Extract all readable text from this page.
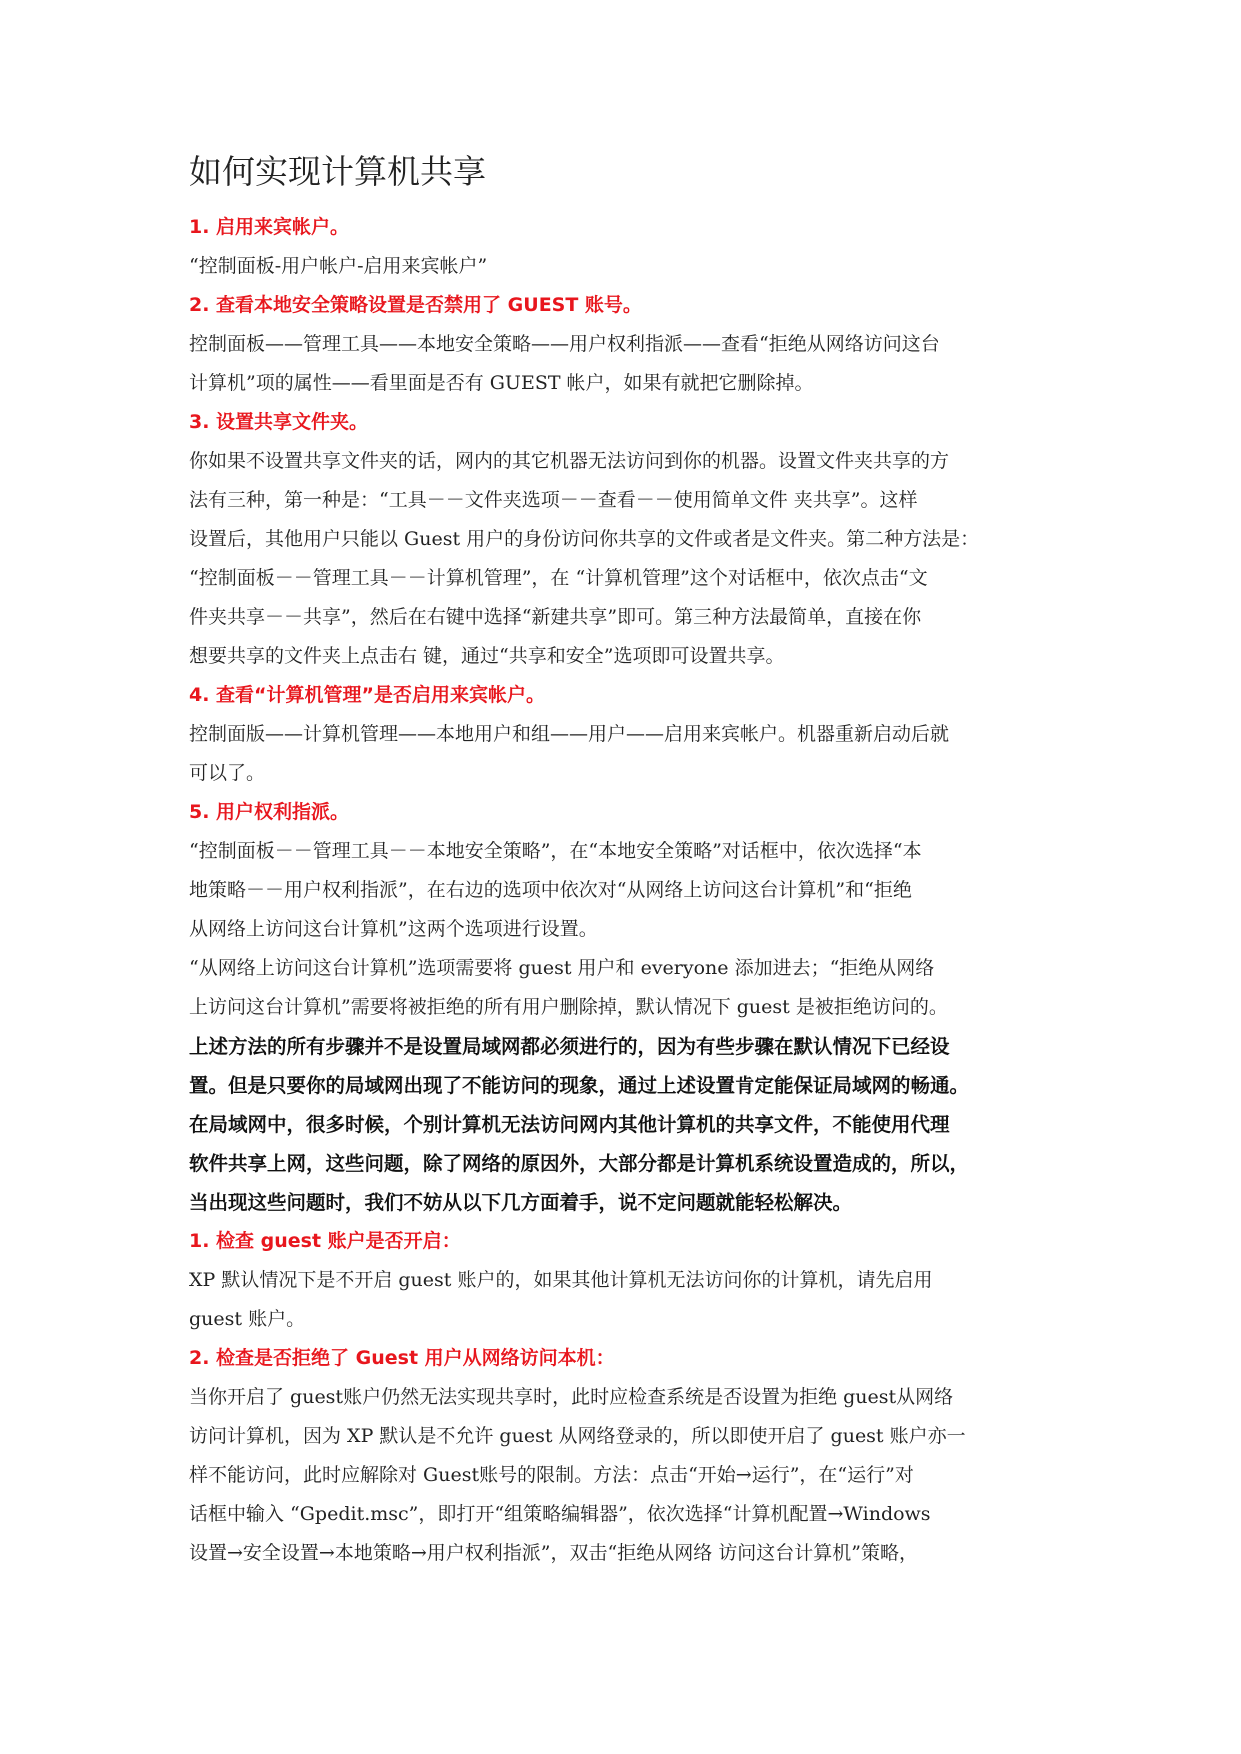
如何实现计算机共享

1. 启用来宾帐户。

“控制面板-用户帐户-启用来宾帐户”

2. 查看本地安全策略设置是否禁用了 GUEST 账号。

控制面板——管理工具——本地安全策略——用户权利指派——查看“拒绝从网络访问这台
计算机”项的属性——看里面是否有 GUEST 帐户，如果有就把它删除掉。

3. 设置共享文件夹。

你如果不设置共享文件夹的话，网内的其它机器无法访问到你的机器。设置文件夹共享的方
法有三种，第一种是：“工具－－文件夹选项－－查看－－使用简单文件 夹共享”。这样
设置后，其他用户只能以 Guest 用户的身份访问你共享的文件或者是文件夹。第二种方法是：
“控制面板－－管理工具－－计算机管理”，在 “计算机管理”这个对话框中，依次点击“文
件夹共享－－共享”，然后在右键中选择“新建共享”即可。第三种方法最简单，直接在你
想要共享的文件夹上点击右 键，通过“共享和安全”选项即可设置共享。

4. 查看“计算机管理”是否启用来宾帐户。

控制面版——计算机管理——本地用户和组——用户——启用来宾帐户。机器重新启动后就
可以了。

5. 用户权利指派。

“控制面板－－管理工具－－本地安全策略”，在“本地安全策略”对话框中，依次选择“本
地策略－－用户权利指派”，在右边的选项中依次对“从网络上访问这台计算机”和“拒绝
从网络上访问这台计算机”这两个选项进行设置。
“从网络上访问这台计算机”选项需要将 guest 用户和 everyone 添加进去；“拒绝从网络
上访问这台计算机”需要将被拒绝的所有用户删除掉，默认情况下 guest 是被拒绝访问的。

上述方法的所有步骤并不是设置局域网都必须进行的，因为有些步骤在默认情况下已经设
置。但是只要你的局域网出现了不能访问的现象，通过上述设置肯定能保证局域网的畅通。
在局域网中，很多时候，个别计算机无法访问网内其他计算机的共享文件，不能使用代理
软件共享上网，这些问题，除了网络的原因外，大部分都是计算机系统设置造成的，所以，
当出现这些问题时，我们不妨从以下几方面着手，说不定问题就能轻松解决。

1. 检查 guest 账户是否开启：

XP 默认情况下是不开启 guest 账户的，如果其他计算机无法访问你的计算机，请先启用
guest 账户。

2. 检查是否拒绝了 Guest 用户从网络访问本机：

当你开启了 guest账户仍然无法实现共享时，此时应检查系统是否设置为拒绝 guest从网络
访问计算机，因为 XP 默认是不允许 guest 从网络登录的，所以即使开启了 guest 账户亦一
样不能访问，此时应解除对 Guest账号的限制。方法：点击“开始→运行”，在“运行”对
话框中输入 “Gpedit.msc”，即打开“组策略编辑器”，依次选择“计算机配置→Windows
设置→安全设置→本地策略→用户权利指派”，双击“拒绝从网络 访问这台计算机”策略，
